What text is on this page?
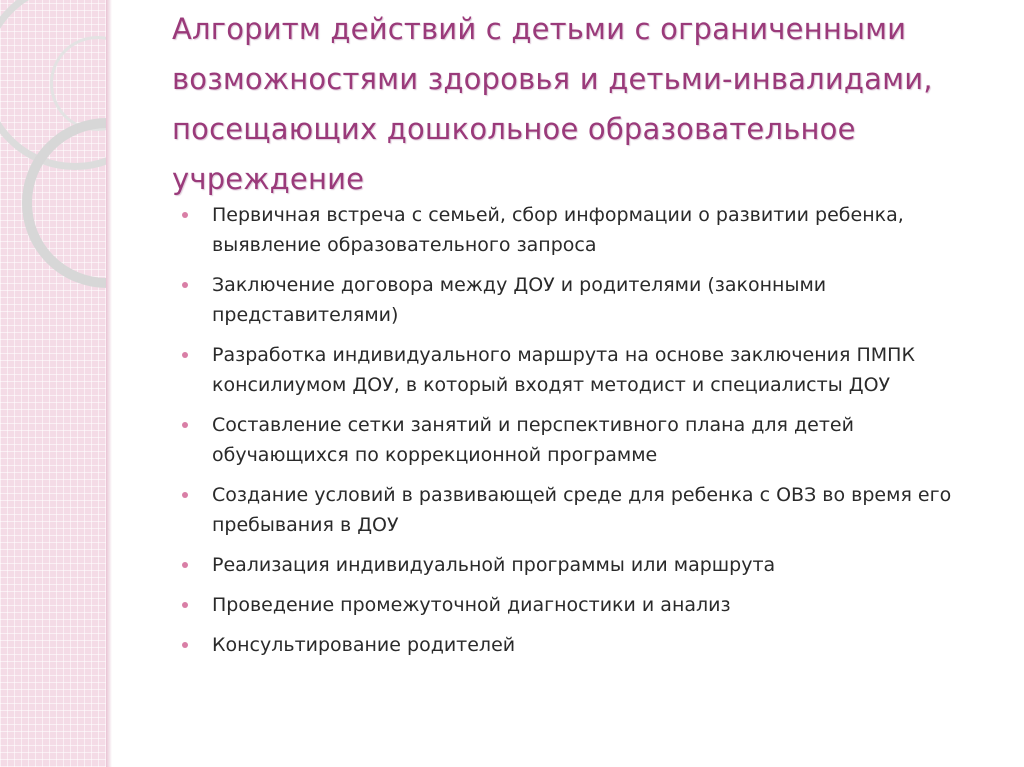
Алгоритм действий с детьми с ограниченными возможностями здоровья и детьми-инвалидами, посещающих дошкольное образовательное учреждение
Первичная встреча с семьей, сбор информации о развитии ребенка, выявление образовательного запроса
Заключение договора между ДОУ и родителями (законными представителями)
Разработка индивидуального маршрута на основе заключения ПМПК консилиумом ДОУ, в который входят методист и специалисты ДОУ
Составление сетки занятий и перспективного плана для детей обучающихся по коррекционной программе
Создание условий в развивающей среде для ребенка с ОВЗ во время его пребывания в ДОУ
Реализация индивидуальной программы или маршрута
Проведение промежуточной диагностики и анализ
Консультирование родителей
